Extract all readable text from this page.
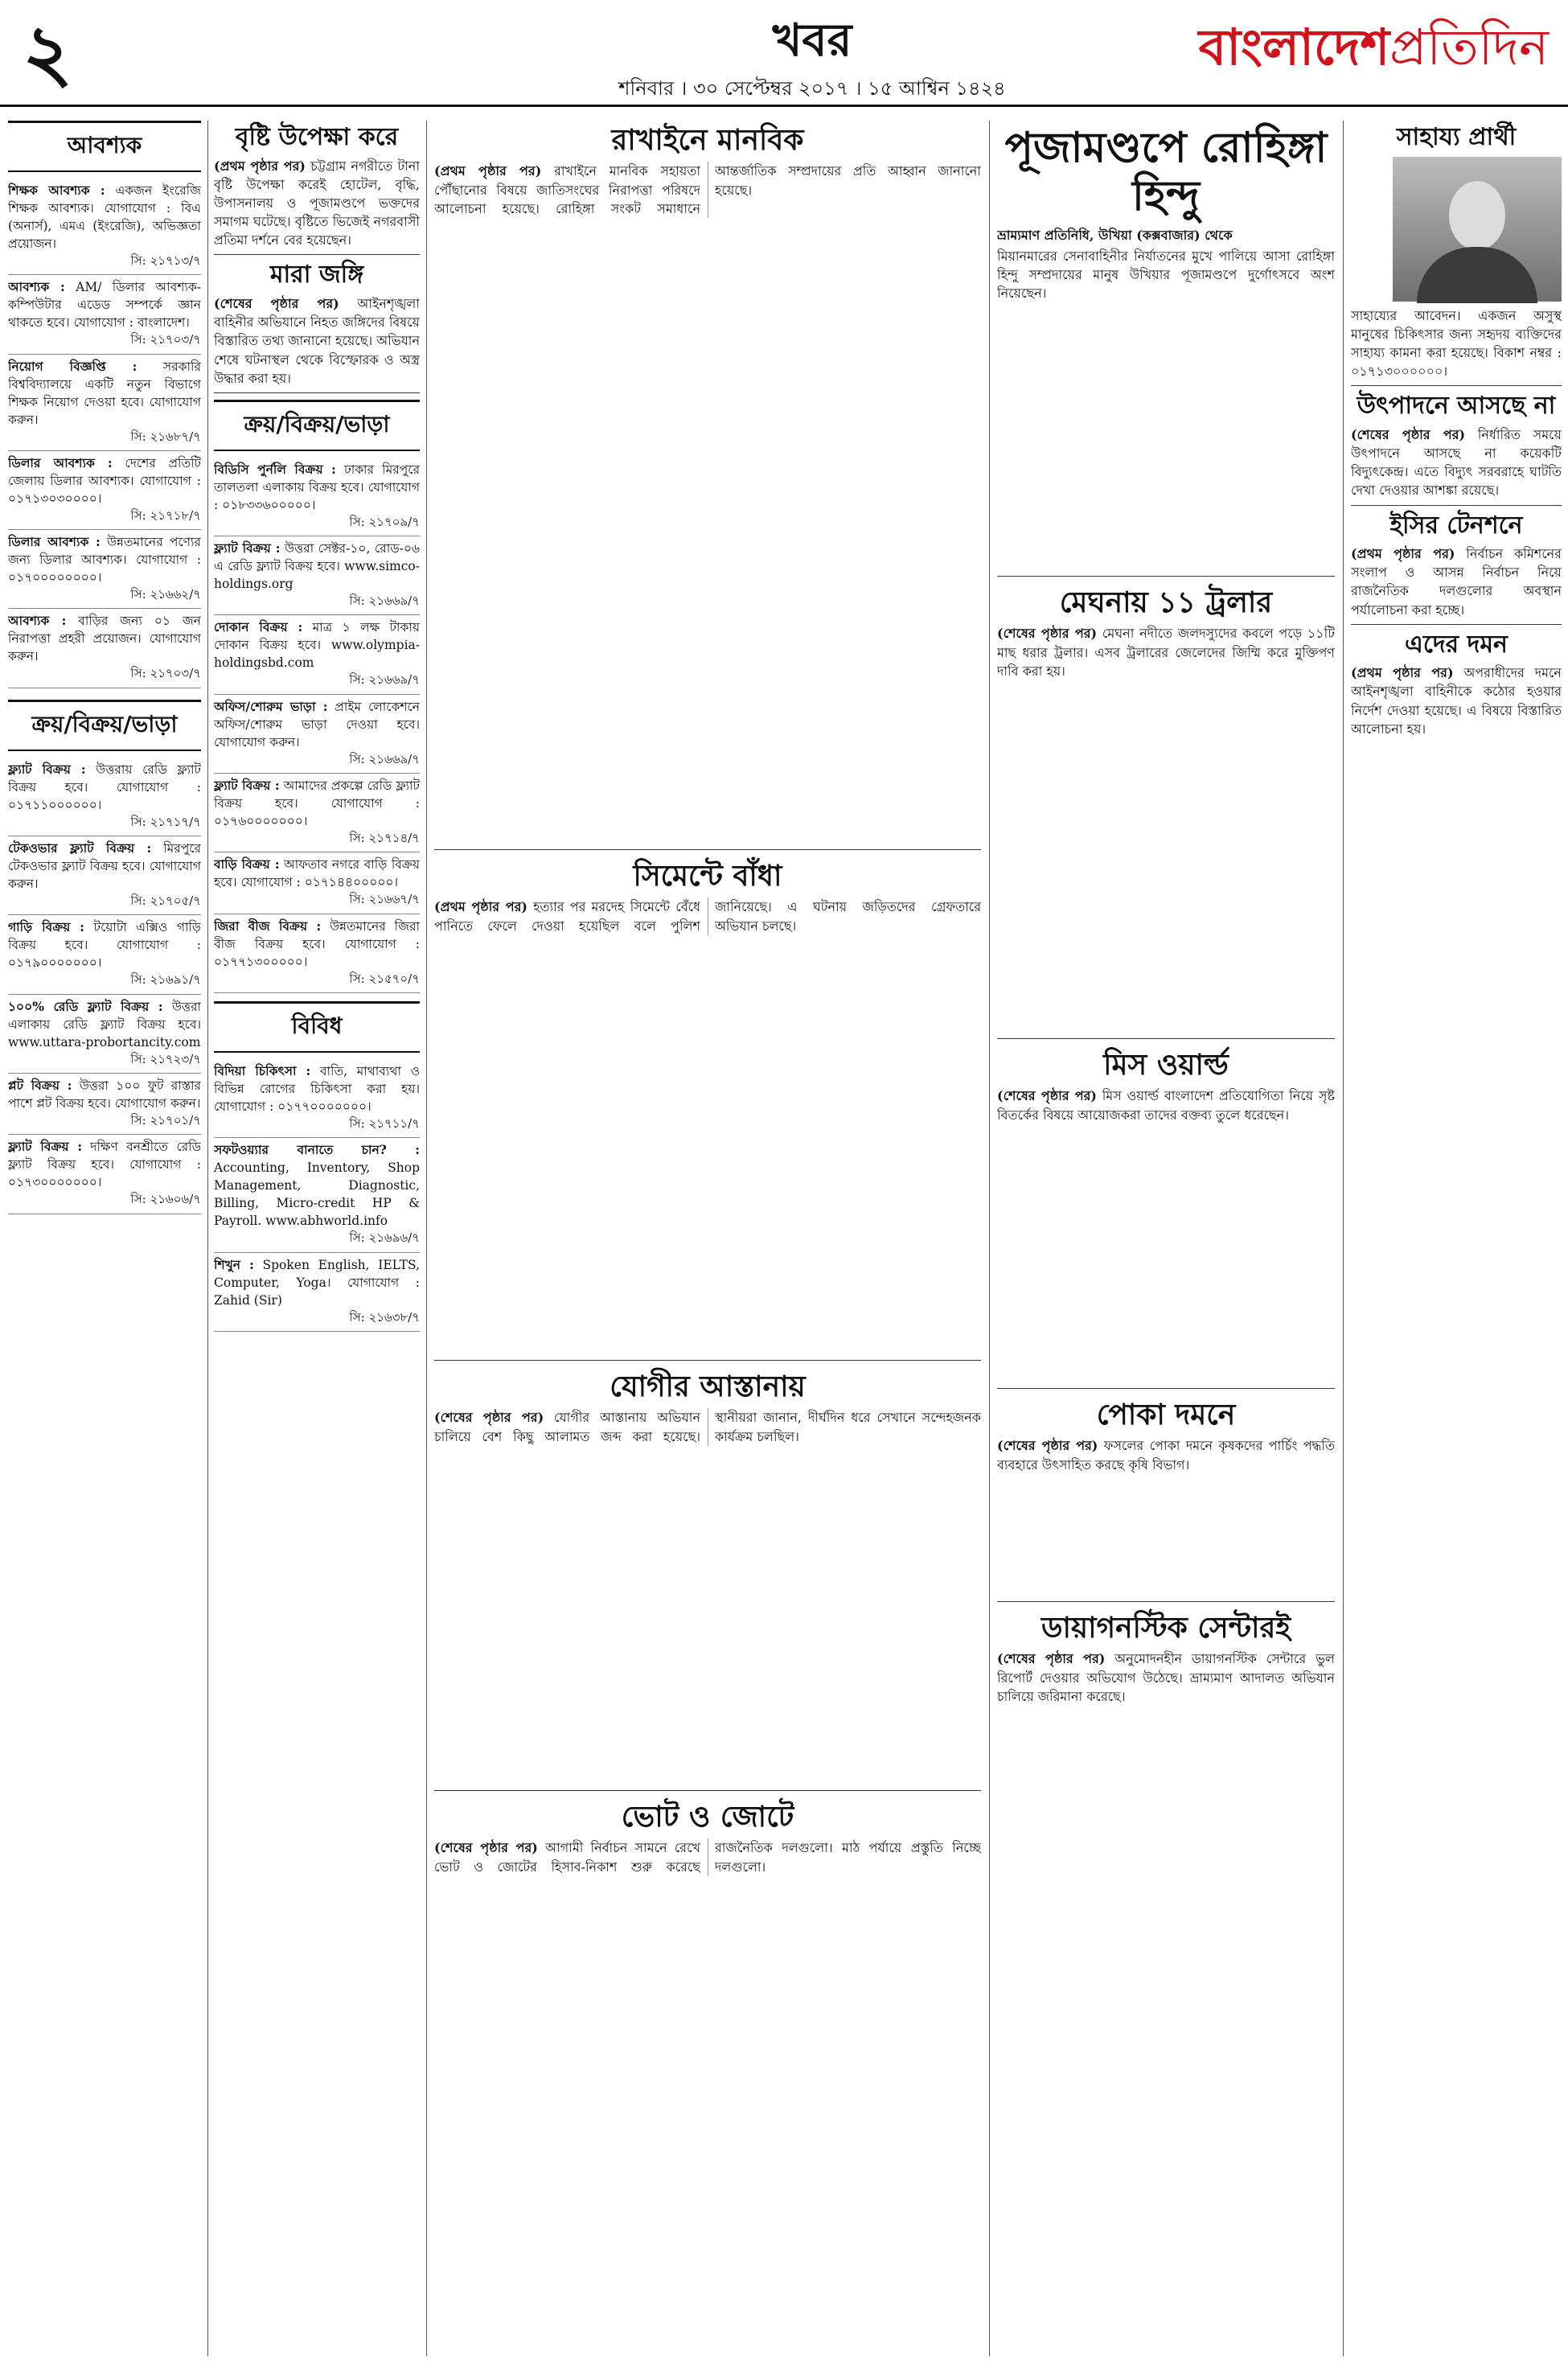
২	খবর
শনিবার । ৩০ সেপ্টেম্বর ২০১৭ । ১৫ আশ্বিন ১৪২৪
বাংলাদেশপ্রতিদিন
আবশ্যক
শিক্ষক আবশ্যক : একজন ইংরেজি শিক্ষক আবশ্যক। যোগাযোগ : বিএ (অনার্স), এমএ (ইংরেজি), অভিজ্ঞতা প্রয়োজন।
সি: ২১৭১৩/৭
আবশ্যক : AM/ ডিলার আবশ্যক- কম্পিউটার এডেড সম্পর্কে জ্ঞান থাকতে হবে। যোগাযোগ : বাংলাদেশ।
সি: ২১৭০৩/৭
নিয়োগ বিজ্ঞপ্তি : সরকারি বিশ্ববিদ্যালয়ে একটি নতুন বিভাগে শিক্ষক নিয়োগ দেওয়া হবে। যোগাযোগ করুন।
সি: ২১৬৮৭/৭
ডিলার আবশ্যক : দেশের প্রতিটি জেলায় ডিলার আবশ্যক। যোগাযোগ : ০১৭১৩০৩০০০০।
সি: ২১৭১৮/৭
ডিলার আবশ্যক : উন্নতমানের পণ্যের জন্য ডিলার আবশ্যক। যোগাযোগ : ০১৭০০০০০০০০।
সি: ২১৬৬২/৭
আবশ্যক : বাড়ির জন্য ০১ জন নিরাপত্তা প্রহরী প্রয়োজন। যোগাযোগ করুন।
সি: ২১৭০৩/৭
ক্রয়/বিক্রয়/ভাড়া
ফ্ল্যাট বিক্রয় : উত্তরায় রেডি ফ্ল্যাট বিক্রয় হবে। যোগাযোগ : ০১৭১১০০০০০০।
সি: ২১৭১৭/৭
টেকওভার ফ্ল্যাট বিক্রয় : মিরপুরে টেকওভার ফ্ল্যাট বিক্রয় হবে। যোগাযোগ করুন।
সি: ২১৭০৫/৭
গাড়ি বিক্রয় : টয়োটা এক্সিও গাড়ি বিক্রয় হবে। যোগাযোগ : ০১৭৯০০০০০০০।
সি: ২১৬৯১/৭
১০০% রেডি ফ্ল্যাট বিক্রয় : উত্তরা এলাকায় রেডি ফ্ল্যাট বিক্রয় হবে। www.uttara-probortancity.com
সি: ২১৭২৩/৭
প্লট বিক্রয় : উত্তরা ১০০ ফুট রাস্তার পাশে প্লট বিক্রয় হবে। যোগাযোগ করুন।
সি: ২১৭০১/৭
ফ্ল্যাট বিক্রয় : দক্ষিণ বনশ্রীতে রেডি ফ্ল্যাট বিক্রয় হবে। যোগাযোগ : ০১৭৩০০০০০০০।
সি: ২১৬০৬/৭
বৃষ্টি উপেক্ষা করে
(প্রথম পৃষ্ঠার পর) চট্টগ্রাম নগরীতে টানা বৃষ্টি উপেক্ষা করেই হোটেল, বৃদ্ধি, উপাসনালয় ও পূজামণ্ডপে ভক্তদের সমাগম ঘটেছে। বৃষ্টিতে ভিজেই নগরবাসী প্রতিমা দর্শনে বের হয়েছেন।
মারা জঙ্গি
(শেষের পৃষ্ঠার পর) আইনশৃঙ্খলা বাহিনীর অভিযানে নিহত জঙ্গিদের বিষয়ে বিস্তারিত তথ্য জানানো হয়েছে। অভিযান শেষে ঘটনাস্থল থেকে বিস্ফোরক ও অস্ত্র উদ্ধার করা হয়।
ক্রয়/বিক্রয়/ভাড়া
বিডিসি পুর্নলি বিক্রয় : ঢাকার মিরপুরে তালতলা এলাকায় বিক্রয় হবে। যোগাযোগ : ০১৮৩৩৬০০০০০।
সি: ২১৭০৯/৭
ফ্ল্যাট বিক্রয় : উত্তরা সেক্টর-১০, রোড-০৬ এ রেডি ফ্ল্যাট বিক্রয় হবে। www.simco-holdings.org
সি: ২১৬৬৯/৭
দোকান বিক্রয় : মাত্র ১ লক্ষ টাকায় দোকান বিক্রয় হবে। www.olympia-holdingsbd.com
সি: ২১৬৬৯/৭
অফিস/শোরুম ভাড়া : প্রাইম লোকেশনে অফিস/শোরুম ভাড়া দেওয়া হবে। যোগাযোগ করুন।
সি: ২১৬৬৯/৭
ফ্ল্যাট বিক্রয় : আমাদের প্রকল্পে রেডি ফ্ল্যাট বিক্রয় হবে। যোগাযোগ : ০১৭৬০০০০০০০।
সি: ২১৭১৪/৭
বাড়ি বিক্রয় : আফতাব নগরে বাড়ি বিক্রয় হবে। যোগাযোগ : ০১৭১৪৪০০০০০।
সি: ২১৬৬৭/৭
জিরা বীজ বিক্রয় : উন্নতমানের জিরা বীজ বিক্রয় হবে। যোগাযোগ : ০১৭৭১৩০০০০০।
সি: ২১৫৭০/৭
বিবিধ
বিদিয়া চিকিৎসা : বাতি, মাথাব্যথা ও বিভিন্ন রোগের চিকিৎসা করা হয়। যোগাযোগ : ০১৭৭০০০০০০০।
সি: ২১৭১১/৭
সফটওয়্যার বানাতে চান? : Accounting, Inventory, Shop Management, Diagnostic, Billing, Micro-credit HP & Payroll. www.abhworld.info
সি: ২১৬৯৬/৭
শিখুন : Spoken English, IELTS, Computer, Yoga। যোগাযোগ : Zahid (Sir)
সি: ২১৬৩৮/৭
রাখাইনে মানবিক
(প্রথম পৃষ্ঠার পর) রাখাইনে মানবিক সহায়তা পৌঁছানোর বিষয়ে জাতিসংঘের নিরাপত্তা পরিষদে আলোচনা হয়েছে। রোহিঙ্গা সংকট সমাধানে আন্তর্জাতিক সম্প্রদায়ের প্রতি আহ্বান জানানো হয়েছে।
সিমেন্টে বাঁধা
(প্রথম পৃষ্ঠার পর) হত্যার পর মরদেহ সিমেন্টে বেঁধে পানিতে ফেলে দেওয়া হয়েছিল বলে পুলিশ জানিয়েছে। এ ঘটনায় জড়িতদের গ্রেফতারে অভিযান চলছে।
যোগীর আস্তানায়
(শেষের পৃষ্ঠার পর) যোগীর আস্তানায় অভিযান চালিয়ে বেশ কিছু আলামত জব্দ করা হয়েছে। স্থানীয়রা জানান, দীর্ঘদিন ধরে সেখানে সন্দেহজনক কার্যক্রম চলছিল।
ভোট ও জোটে
(শেষের পৃষ্ঠার পর) আগামী নির্বাচন সামনে রেখে ভোট ও জোটের হিসাব-নিকাশ শুরু করেছে রাজনৈতিক দলগুলো। মাঠ পর্যায়ে প্রস্তুতি নিচ্ছে দলগুলো।
পূজামণ্ডপে রোহিঙ্গা হিন্দু
ভ্রাম্যমাণ প্রতিনিধি, উখিয়া (কক্সবাজার) থেকে
মিয়ানমারের সেনাবাহিনীর নির্যাতনের মুখে পালিয়ে আসা রোহিঙ্গা হিন্দু সম্প্রদায়ের মানুষ উখিয়ার পূজামণ্ডপে দুর্গোৎসবে অংশ নিয়েছেন।
মেঘনায় ১১ ট্রলার
(শেষের পৃষ্ঠার পর) মেঘনা নদীতে জলদস্যুদের কবলে পড়ে ১১টি মাছ ধরার ট্রলার। এসব ট্রলারের জেলেদের জিম্মি করে মুক্তিপণ দাবি করা হয়।
মিস ওয়ার্ল্ড
(শেষের পৃষ্ঠার পর) মিস ওয়ার্ল্ড বাংলাদেশ প্রতিযোগিতা নিয়ে সৃষ্ট বিতর্কের বিষয়ে আয়োজকরা তাদের বক্তব্য তুলে ধরেছেন।
পোকা দমনে
(শেষের পৃষ্ঠার পর) ফসলের পোকা দমনে কৃষকদের পার্চিং পদ্ধতি ব্যবহারে উৎসাহিত করছে কৃষি বিভাগ।
ডায়াগনস্টিক সেন্টারই
(শেষের পৃষ্ঠার পর) অনুমোদনহীন ডায়াগনস্টিক সেন্টারে ভুল রিপোর্ট দেওয়ার অভিযোগ উঠেছে। ভ্রাম্যমাণ আদালত অভিযান চালিয়ে জরিমানা করেছে।
সাহায্য প্রার্থী
সাহায্যের আবেদন। একজন অসুস্থ মানুষের চিকিৎসার জন্য সহৃদয় ব্যক্তিদের সাহায্য কামনা করা হয়েছে। বিকাশ নম্বর : ০১৭১৩০০০০০০।
উৎপাদনে আসছে না
(শেষের পৃষ্ঠার পর) নির্ধারিত সময়ে উৎপাদনে আসছে না কয়েকটি বিদ্যুৎকেন্দ্র। এতে বিদ্যুৎ সরবরাহে ঘাটতি দেখা দেওয়ার আশঙ্কা রয়েছে।
ইসির টেনশনে
(প্রথম পৃষ্ঠার পর) নির্বাচন কমিশনের সংলাপ ও আসন্ন নির্বাচন নিয়ে রাজনৈতিক দলগুলোর অবস্থান পর্যালোচনা করা হচ্ছে।
এদের দমন
(প্রথম পৃষ্ঠার পর) অপরাধীদের দমনে আইনশৃঙ্খলা বাহিনীকে কঠোর হওয়ার নির্দেশ দেওয়া হয়েছে। এ বিষয়ে বিস্তারিত আলোচনা হয়।
